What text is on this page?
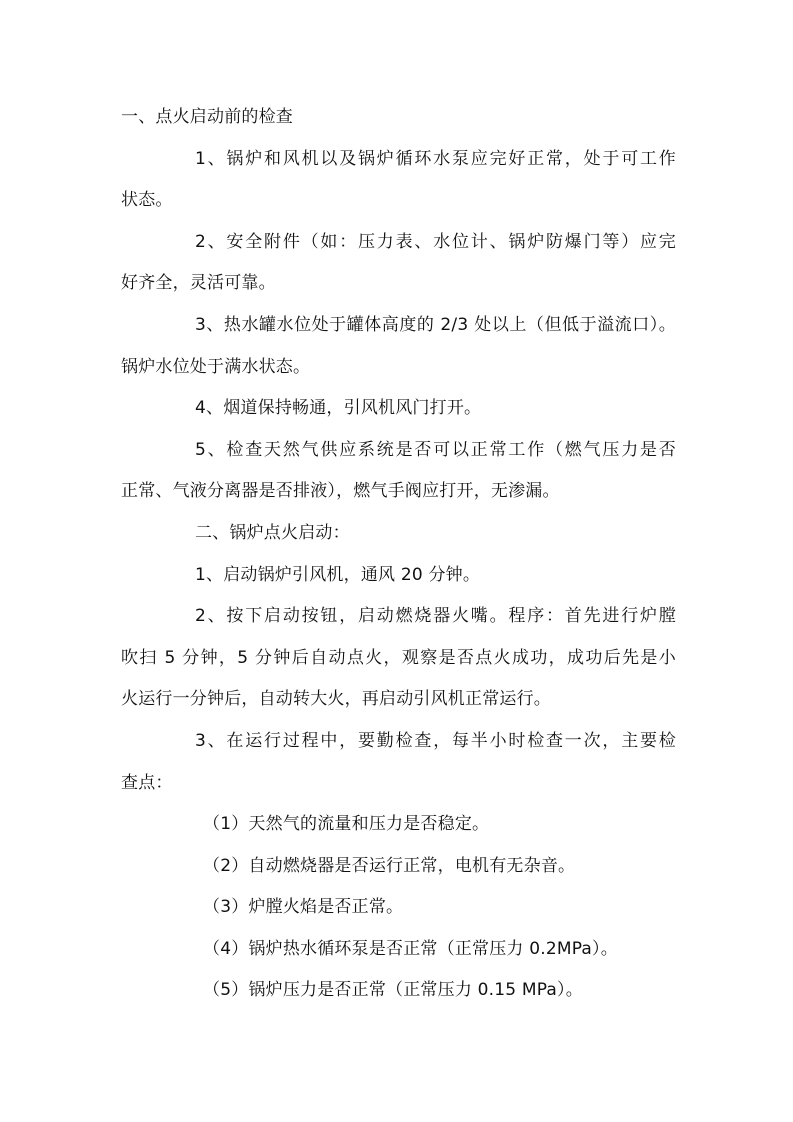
一、点火启动前的检查
1、锅炉和风机以及锅炉循环水泵应完好正常，处于可工作
状态。
2、安全附件（如：压力表、水位计、锅炉防爆门等）应完
好齐全，灵活可靠。
3、热水罐水位处于罐体高度的 2/3 处以上（但低于溢流口）。
锅炉水位处于满水状态。
4、烟道保持畅通，引风机风门打开。
5、检查天然气供应系统是否可以正常工作（燃气压力是否
正常、气液分离器是否排液），燃气手阀应打开，无渗漏。
二、锅炉点火启动：
1、启动锅炉引风机，通风 20 分钟。
2、按下启动按钮，启动燃烧器火嘴。程序：首先进行炉膛
吹扫 5 分钟，5 分钟后自动点火，观察是否点火成功，成功后先是小
火运行一分钟后，自动转大火，再启动引风机正常运行。
3、在运行过程中，要勤检查，每半小时检查一次，主要检
查点：
（1）天然气的流量和压力是否稳定。
（2）自动燃烧器是否运行正常，电机有无杂音。
（3）炉膛火焰是否正常。
（4）锅炉热水循环泵是否正常（正常压力 0.2MPa）。
（5）锅炉压力是否正常（正常压力 0.15 MPa）。
